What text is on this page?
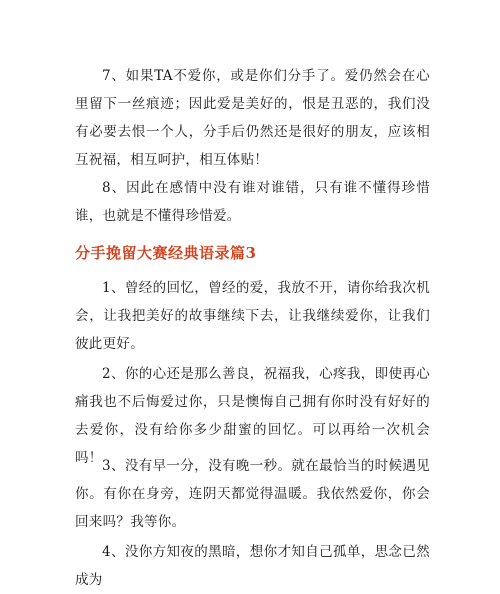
7、如果TA不爱你，或是你们分手了。爱仍然会在心里留下一丝痕迹；因此爱是美好的，恨是丑恶的，我们没有必要去恨一个人，分手后仍然还是很好的朋友，应该相互祝福，相互呵护，相互体贴！
8、因此在感情中没有谁对谁错，只有谁不懂得珍惜谁，也就是不懂得珍惜爱。
分手挽留大赛经典语录篇3
1、曾经的回忆，曾经的爱，我放不开，请你给我次机会，让我把美好的故事继续下去，让我继续爱你，让我们彼此更好。
2、你的心还是那么善良，祝福我，心疼我，即使再心痛我也不后悔爱过你，只是懊悔自己拥有你时没有好好的去爱你，没有给你多少甜蜜的回忆。可以再给一次机会吗！ 3、没有早一分，没有晚一秒。就在最恰当的时候遇见你。有你在身旁，连阴天都觉得温暖。我依然爱你，你会回来吗？我等你。
4、没你方知夜的黑暗，想你才知自己孤单，思念已然成为
